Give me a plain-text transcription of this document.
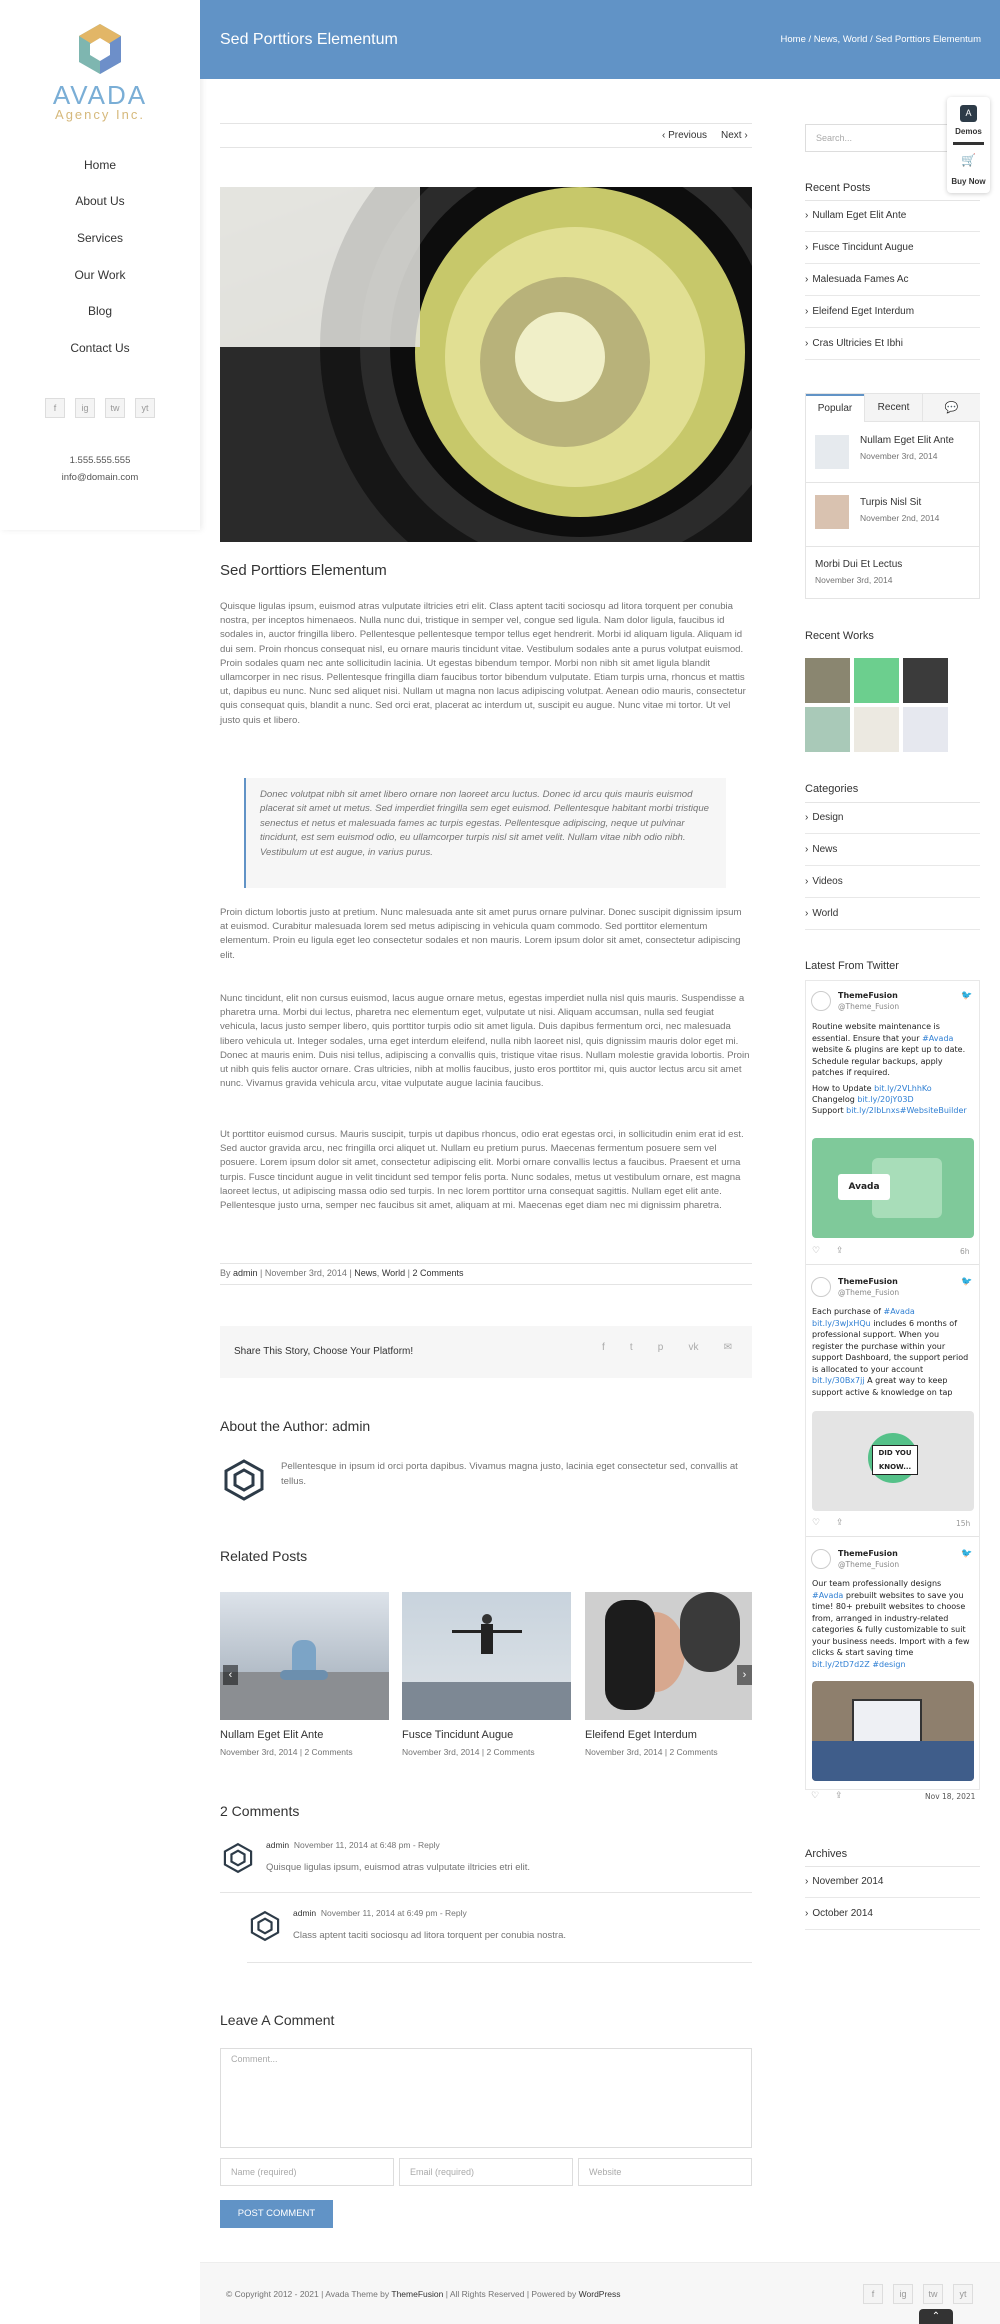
AVADA
Agency Inc.
Home
About Us
Services
Our Work
Blog
Contact Us
f	ig	tw	yt
1.555.555.555
info@domain.com
Sed Porttiors Elementum	Home / News, World / Sed Porttiors Elementum
‹ Previous Next ›
Sed Porttiors Elementum
Quisque ligulas ipsum, euismod atras vulputate iltricies etri elit. Class aptent taciti sociosqu ad litora torquent per conubia nostra, per inceptos himenaeos. Nulla nunc dui, tristique in semper vel, congue sed ligula. Nam dolor ligula, faucibus id sodales in, auctor fringilla libero. Pellentesque pellentesque tempor tellus eget hendrerit. Morbi id aliquam ligula. Aliquam id dui sem. Proin rhoncus consequat nisl, eu ornare mauris tincidunt vitae. Vestibulum sodales ante a purus volutpat euismod. Proin sodales quam nec ante sollicitudin lacinia. Ut egestas bibendum tempor. Morbi non nibh sit amet ligula blandit ullamcorper in nec risus. Pellentesque fringilla diam faucibus tortor bibendum vulputate. Etiam turpis urna, rhoncus et mattis ut, dapibus eu nunc. Nunc sed aliquet nisi. Nullam ut magna non lacus adipiscing volutpat. Aenean odio mauris, consectetur quis consequat quis, blandit a nunc. Sed orci erat, placerat ac interdum ut, suscipit eu augue. Nunc vitae mi tortor. Ut vel justo quis et libero.
Donec volutpat nibh sit amet libero ornare non laoreet arcu luctus. Donec id arcu quis mauris euismod placerat sit amet ut metus. Sed imperdiet fringilla sem eget euismod. Pellentesque habitant morbi tristique senectus et netus et malesuada fames ac turpis egestas. Pellentesque adipiscing, neque ut pulvinar tincidunt, est sem euismod odio, eu ullamcorper turpis nisl sit amet velit. Nullam vitae nibh odio nibh. Vestibulum ut est augue, in varius purus.
Proin dictum lobortis justo at pretium. Nunc malesuada ante sit amet purus ornare pulvinar. Donec suscipit dignissim ipsum at euismod. Curabitur malesuada lorem sed metus adipiscing in vehicula quam commodo. Sed porttitor elementum elementum. Proin eu ligula eget leo consectetur sodales et non mauris. Lorem ipsum dolor sit amet, consectetur adipiscing elit.
Nunc tincidunt, elit non cursus euismod, lacus augue ornare metus, egestas imperdiet nulla nisl quis mauris. Suspendisse a pharetra urna. Morbi dui lectus, pharetra nec elementum eget, vulputate ut nisi. Aliquam accumsan, nulla sed feugiat vehicula, lacus justo semper libero, quis porttitor turpis odio sit amet ligula. Duis dapibus fermentum orci, nec malesuada libero vehicula ut. Integer sodales, urna eget interdum eleifend, nulla nibh laoreet nisl, quis dignissim mauris dolor eget mi. Donec at mauris enim. Duis nisi tellus, adipiscing a convallis quis, tristique vitae risus. Nullam molestie gravida lobortis. Proin ut nibh quis felis auctor ornare. Cras ultricies, nibh at mollis faucibus, justo eros porttitor mi, quis auctor lectus arcu sit amet nunc. Vivamus gravida vehicula arcu, vitae vulputate augue lacinia faucibus.
Ut porttitor euismod cursus. Mauris suscipit, turpis ut dapibus rhoncus, odio erat egestas orci, in sollicitudin enim erat id est. Sed auctor gravida arcu, nec fringilla orci aliquet ut. Nullam eu pretium purus. Maecenas fermentum posuere sem vel posuere. Lorem ipsum dolor sit amet, consectetur adipiscing elit. Morbi ornare convallis lectus a faucibus. Praesent et urna turpis. Fusce tincidunt augue in velit tincidunt sed tempor felis porta. Nunc sodales, metus ut vestibulum ornare, est magna laoreet lectus, ut adipiscing massa odio sed turpis. In nec lorem porttitor urna consequat sagittis. Nullam eget elit ante. Pellentesque justo urna, semper nec faucibus sit amet, aliquam at mi. Maecenas eget diam nec mi dignissim pharetra.
By admin | November 3rd, 2014 | News, World | 2 Comments
Share This Story, Choose Your Platform!	f	t	p	vk	✉
About the Author: admin
Pellentesque in ipsum id orci porta dapibus. Vivamus magna justo, lacinia eget consectetur sed, convallis at tellus.
Related Posts
‹	›
Nullam Eget Elit Ante
November 3rd, 2014 | 2 Comments
Fusce Tincidunt Augue
November 3rd, 2014 | 2 Comments
Eleifend Eget Interdum
November 3rd, 2014 | 2 Comments
2 Comments
admin November 11, 2014 at 6:48 pm - Reply
Quisque ligulas ipsum, euismod atras vulputate iltricies etri elit.
admin November 11, 2014 at 6:49 pm - Reply
Class aptent taciti sociosqu ad litora torquent per conubia nostra.
Leave A Comment
Comment...
Name (required)	Email (required)	Website
POST COMMENT
Search...
Recent Posts
› Nullam Eget Elit Ante
› Fusce Tincidunt Augue
› Malesuada Fames Ac
› Eleifend Eget Interdum
› Cras Ultricies Et Ibhi
Popular	Recent	💬
Nullam Eget Elit Ante
November 3rd, 2014
Turpis Nisl Sit
November 2nd, 2014
Morbi Dui Et Lectus
November 3rd, 2014
Recent Works
Categories
› Design
› News
› Videos
› World
Latest From Twitter
ThemeFusion
@Theme_Fusion
🐦
Routine website maintenance is essential. Ensure that your #Avada website & plugins are kept up to date. Schedule regular backups, apply patches if required.
How to Update bit.ly/2VLhhKo
Changelog bit.ly/20jY03D
Support bit.ly/2IbLnxs#WebsiteBuilder
Avada
♡ ⇪	6h
ThemeFusion
@Theme_Fusion
🐦
Each purchase of #Avada bit.ly/3wJxHQu includes 6 months of professional support. When you register the purchase within your support Dashboard, the support period is allocated to your account bit.ly/30Bx7jj A great way to keep support active & knowledge on tap
DID YOU
KNOW...
♡ ⇪	15h
ThemeFusion
@Theme_Fusion
🐦
Our team professionally designs #Avada prebuilt websites to save you time! 80+ prebuilt websites to choose from, arranged in industry-related categories & fully customizable to suit your business needs. Import with a few clicks & start saving time bit.ly/2tD7d2Z #design
♡ ⇪	Nov 18, 2021
Archives
› November 2014
› October 2014
A
Demos
🛒
Buy Now
© Copyright 2012 - 2021 | Avada Theme by ThemeFusion | All Rights Reserved | Powered by WordPress	f	ig	tw	yt
⌃
